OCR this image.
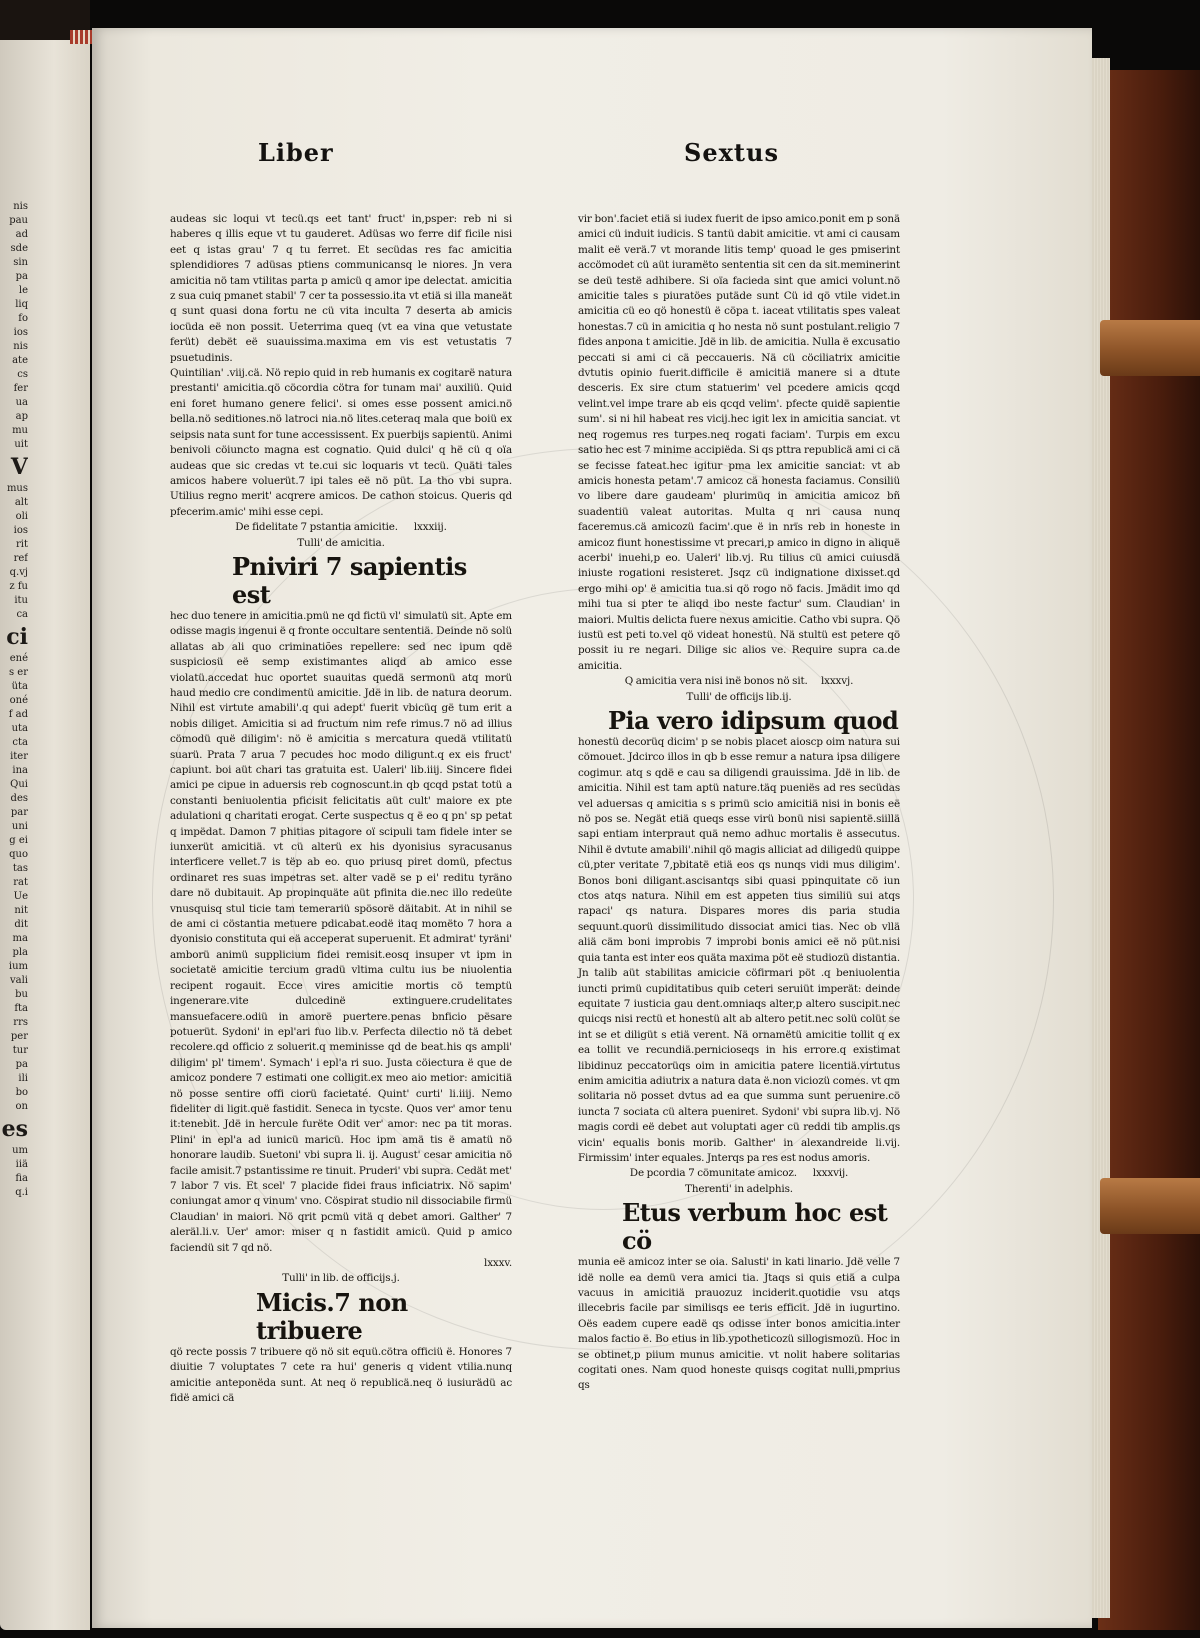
nis
pau
ad
sde
sin
pa
le
liq
fo
ios
nis
ate
cs
fer
ua
ap
mu
uit
V
mus
alt
oli
ios
rit
ref
q.vj
z fu
itu
ca
ci
ené
s er
üta
oné
f ad
uta
cta
iter
ina
Qui
des
par
uni
g ei
quo
tas
rat
Ue
nit
dit
ma
pla
ium
vali
bu
fta
rrs
per
tur
pa
ili
bo
on
es
um
iiä
fia
q.i
Liber	Sextus

audeas sic loqui vt tecü.qs eet tant' fruct' in,psper: reb ni si haberes q illis eque vt tu gauderet. Adüsas wo ferre dif ficile nisi eet q istas grau' 7 q tu ferret. Et secüdas res fac amicitia splendidiores 7 adüsas ptiens communicansq le niores. Jn vera amicitia nö tam vtilitas parta p amicü q amor ipe delectat. amicitia z sua cuiq pmanet stabil' 7 cer ta possessio.ita vt etiä si illa maneät q sunt quasi dona fortu ne cü vita inculta 7 deserta ab amicis iocüda eë non possit. Ueterrima queq (vt ea vina que vetustate ferüt) debët eë suauissima.maxima em vis est vetustatis 7 psuetudinis.

Quintilian' .viij.cä. Nö repio quid in reb humanis ex cogitarë natura prestanti' amicitia.qö cöcordia cötra for tunam mai' auxiliü. Quid eni foret humano genere felici'. si omes esse possent amici.nö bella.nö seditiones.nö latroci nia.nö lites.ceteraq mala que boiü ex seipsis nata sunt for tune accessissent. Ex puerbijs sapientü. Animi benivoli cöiuncto magna est cognatio. Quid dulci' q hë cü q oïa audeas que sic credas vt te.cui sic loquaris vt tecü. Quäti tales amicos habere voluerüt.7 ipi tales eë nö püt. La tho vbi supra. Utilius regno merit' acqrere amicos. De cathon stoicus. Queris qd pfecerim.amic' mihi esse cepi.

De fidelitate 7 pstantia amicitie. lxxxiij.

Tulli' de amicitia.

Pniviri 7 sapientis est

hec duo tenere in amicitia.pmü ne qd fictü vl' simulatü sit. Apte em odisse magis ingenui ë q fronte occultare sententiä. Deinde nö solü allatas ab ali quo criminatiões repellere: sed nec ipum qdë suspiciosü eë semp existimantes aliqd ab amico esse violatü.accedat huc oportet suauitas quedä sermonü atq morü haud medio cre condimentü amicitie. Jdë in lib. de natura deorum. Nihil est virtute amabili'.q qui adept' fuerit vbicüq gë tum erit a nobis diliget. Amicitia si ad fructum nim refe rimus.7 nö ad illius cömodü quë diligim': nö ë amicitia s mercatura quedä vtilitatü suarü. Prata 7 arua 7 pecudes hoc modo diligunt.q ex eis fruct' capiunt. boi aüt chari tas gratuita est. Ualeri' lib.iiij. Sincere fidei amici pe cipue in aduersis reb cognoscunt.in qb qcqd pstat totü a constanti beniuolentia pficisit felicitatis aüt cult' maiore ex pte adulationi q charitati erogat. Certe suspectus q ë eo q pn' sp petat q impëdat. Damon 7 phitias pitagore oï scipuli tam fidele inter se iunxerüt amicitiä. vt cü alterü ex his dyonisius syracusanus interficere vellet.7 is tëp ab eo. quo priusq piret domü, pfectus ordinaret res suas impetras set. alter vadë se p ei' reditu tyräno dare nö dubitauit. Ap propinquäte aüt pfinita die.nec illo redeüte vnusquisq stul ticie tam temerariü spösorë däitabit. At in nihil se de ami ci cöstantia metuere pdicabat.eodë itaq momëto 7 hora a dyonisio constituta qui eä acceperat superuenit. Et admirat' tyräni' amborü animü supplicium fidei remisit.eosq insuper vt ipm in societatë amicitie tercium gradü vltima cultu ius be niuolentia recipent rogauit. Ecce vires amicitie mortis cö temptü ingenerare.vite dulcedinë extinguere.crudelitates mansuefacere.odiü in amorë puertere.penas bnficio pësare potuerüt. Sydoni' in epl'ari fuo lib.v. Perfecta dilectio nö tä debet recolere.qd officio z soluerit.q meminisse qd de beat.his qs ampli' diligim' pl' timem'. Symach' i epl'a ri suo. Justa cöiectura ë que de amicoz pondere 7 estimati one colligit.ex meo aio metior: amicitiä nö posse sentire offi ciorü facietaté. Quint' curti' li.iiij. Nemo fideliter di ligit.quë fastidit. Seneca in tycste. Quos ver' amor tenu it:tenebit. Jdë in hercule furëte Odit ver' amor: nec pa tit moras. Plini' in epl'a ad iunicü maricü. Hoc ipm amä tis ë amatü nö honorare laudib. Suetoni' vbi supra li. ij. August' cesar amicitia nö facile amisit.7 pstantissime re tinuit. Pruderi' vbi supra. Cedät met' 7 labor 7 vis. Et scel' 7 placide fidei fraus inficiatrix. Nö sapim' coniungat amor q vinum' vno. Cöspirat studio nil dissociabile firmü Claudian' in maiori. Nö qrit pcmü vitä q debet amori. Galther' 7 aleräl.li.v. Uer' amor: miser q n fastidit amicü. Quid p amico faciendü sit 7 qd nö.

lxxxv.

Tulli' in lib. de officijs.j.

Micis.7 non tribuere

qö recte possis 7 tribuere qö nö sit equü.cötra officiü ë. Honores 7 diuitie 7 voluptates 7 cete ra hui' generis q vident vtilia.nunq amicitie anteponëda sunt. At neq ö republicä.neq ö iusiurädü ac fidë amici cä

vir bon'.faciet etiä si iudex fuerit de ipso amico.ponit em p sonä amici cü induit iudicis. S tantü dabit amicitie. vt ami ci causam malit eë verä.7 vt morande litis temp' quoad le ges pmiserint accömodet cü aüt iuramëto sententia sit cen da sit.meminerint se deü testë adhibere. Si oïa facieda sint que amici volunt.nö amicitie tales s piuratöes putäde sunt Cü id qö vtile videt.in amicitia cü eo qö honestü ë cöpa t. iaceat vtilitatis spes valeat honestas.7 cü in amicitia q ho nesta nö sunt postulant.religio 7 fides anpona t amicitie. Jdë in lib. de amicitia. Nulla ë excusatio peccati si ami ci cä peccaueris. Nä cü cöciliatrix amicitie dvtutis opinio fuerit.difficile ë amicitiä manere si a dtute desceris. Ex sire ctum statuerim' vel pcedere amicis qcqd velint.vel impe trare ab eis qcqd velim'. pfecte quidë sapientie sum'. si ni hil habeat res vicij.hec igit lex in amicitia sanciat. vt neq rogemus res turpes.neq rogati faciam'. Turpis em excu satio hec est 7 minime accipiëda. Si qs pttra republicä ami ci cä se fecisse fateat.hec igitur pma lex amicitie sanciat: vt ab amicis honesta petam'.7 amicoz cä honesta faciamus. Consiliü vo libere dare gaudeam' plurimüq in amicitia amicoz bñ suadentiü valeat autoritas. Multa q nri causa nunq faceremus.cä amicozü facim'.que ë in nrïs reb in honeste in amicoz fiunt honestissime vt precari,p amico in digno in aliquë acerbi' inuehi,p eo. Ualeri' lib.vj. Ru tilius cü amici cuiusdä iniuste rogationi resisteret. Jsqz cü indignatione dixisset.qd ergo mihi op' ë amicitia tua.si qö rogo nö facis. Jmädit imo qd mihi tua si pter te aliqd ibo neste factur' sum. Claudian' in maiori. Multis delicta fuere nexus amicitie. Catho vbi supra. Qö iustü est peti to.vel qö videat honestü. Nä stultü est petere qö possit iu re negari. Dilige sic alios ve. Require supra ca.de amicitia.

Q amicitia vera nisi inë bonos nö sit. lxxxvj.

Tulli' de officijs lib.ij.

Pia vero idipsum quod

honestü decorüq dicim' p se nobis placet aioscp oim natura sui cömouet. Jdcirco illos in qb b esse remur a natura ipsa diligere cogimur. atq s qdë e cau sa diligendi grauissima. Jdë in lib. de amicitia. Nihil est tam aptü nature.täq pueniës ad res secüdas vel aduersas q amicitia s s primü scio amicitiä nisi in bonis eë nö pos se. Negät etiä queqs esse virü bonü nisi sapientë.siillä sapi entiam interpraut quä nemo adhuc mortalis ë assecutus. Nihil ë dvtute amabili'.nihil qö magis alliciat ad diligedü quippe cü,pter veritate 7,pbitatë etiä eos qs nunqs vidi mus diligim'. Bonos boni diligant.ascisantqs sibi quasi ppinquitate cö iun ctos atqs natura. Nihil em est appeten tius similiü sui atqs rapaci' qs natura. Dispares mores dis paria studia sequunt.quorü dissimilitudo dissociat amici tias. Nec ob vllä aliä cäm boni improbis 7 improbi bonis amici eë nö püt.nisi quia tanta est inter eos quäta maxima pöt eë studiozü distantia. Jn talib aüt stabilitas amicicie cöfirmari pöt .q beniuolentia iuncti primü cupiditatibus quib ceteri seruiüt imperät: deinde equitate 7 iusticia gau dent.omniaqs alter,p altero suscipit.nec quicqs nisi rectü et honestü alt ab altero petit.nec solü colüt se int se et diligüt s etiä verent. Nä ornamëtü amicitie tollit q ex ea tollit ve recundiä.pernicioseqs in his errore.q existimat libidinuz peccatorüqs oim in amicitia patere licentiä.virtutus enim amicitia adiutrix a natura data ë.non viciozü comes. vt qm solitaria nö posset dvtus ad ea que summa sunt peruenire.cö iuncta 7 sociata cü altera pueniret. Sydoni' vbi supra lib.vj. Nö magis cordi eë debet aut voluptati ager cü reddi tib amplis.qs vicin' equalis bonis morib. Galther' in alexandreide li.vij. Firmissim' inter equales. Jnterqs pa res est nodus amoris.

De pcordia 7 cömunitate amicoz. lxxxvij.

Therenti' in adelphis.

Etus verbum hoc est cö

munia eë amicoz inter se oia. Salusti' in kati linario. Jdë velle 7 idë nolle ea demü vera amici tia. Jtaqs si quis etiä a culpa vacuus in amicitiä prauozuz inciderit.quotidie vsu atqs illecebris facile par similisqs ee teris efficit. Jdë in iugurtino. Oës eadem cupere eadë qs odisse inter bonos amicitia.inter malos factio ë. Bo etius in lib.ypotheticozü sillogismozü. Hoc in se obtinet,p piium munus amicitie. vt nolit habere solitarias cogitati ones. Nam quod honeste quisqs cogitat nulli,pmprius qs
